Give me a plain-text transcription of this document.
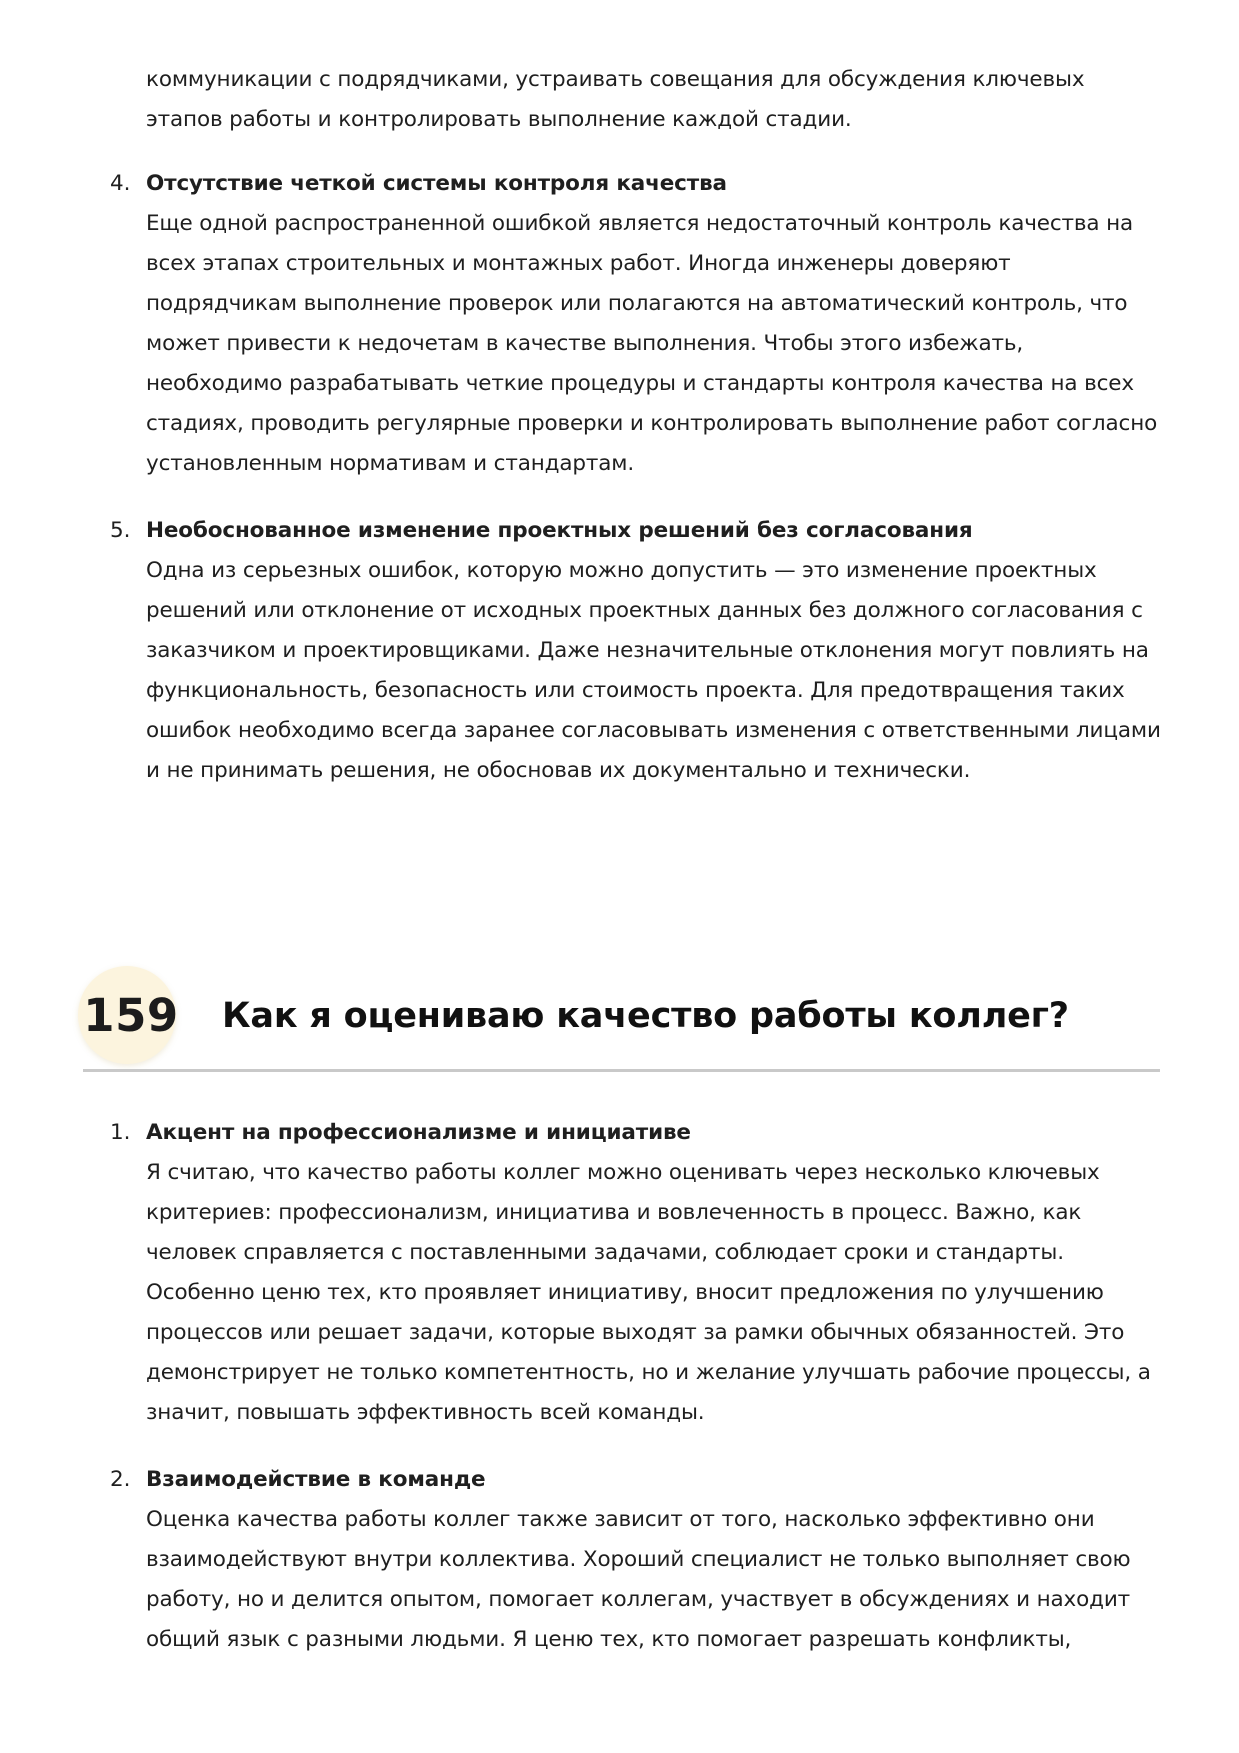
коммуникации с подрядчиками, устраивать совещания для обсуждения ключевых этапов работы и контролировать выполнение каждой стадии.

4. Отсутствие четкой системы контроля качества

Еще одной распространенной ошибкой является недостаточный контроль качества на всех этапах строительных и монтажных работ. Иногда инженеры доверяют подрядчикам выполнение проверок или полагаются на автоматический контроль, что может привести к недочетам в качестве выполнения. Чтобы этого избежать, необходимо разрабатывать четкие процедуры и стандарты контроля качества на всех стадиях, проводить регулярные проверки и контролировать выполнение работ согласно установленным нормативам и стандартам.

5. Необоснованное изменение проектных решений без согласования

Одна из серьезных ошибок, которую можно допустить — это изменение проектных решений или отклонение от исходных проектных данных без должного согласования с заказчиком и проектировщиками. Даже незначительные отклонения могут повлиять на функциональность, безопасность или стоимость проекта. Для предотвращения таких ошибок необходимо всегда заранее согласовывать изменения с ответственными лицами и не принимать решения, не обосновав их документально и технически.

159 Как я оцениваю качество работы коллег?
1. Акцент на профессионализме и инициативе

Я считаю, что качество работы коллег можно оценивать через несколько ключевых критериев: профессионализм, инициатива и вовлеченность в процесс. Важно, как человек справляется с поставленными задачами, соблюдает сроки и стандарты. Особенно ценю тех, кто проявляет инициативу, вносит предложения по улучшению процессов или решает задачи, которые выходят за рамки обычных обязанностей. Это демонстрирует не только компетентность, но и желание улучшать рабочие процессы, а значит, повышать эффективность всей команды.

2. Взаимодействие в команде

Оценка качества работы коллег также зависит от того, насколько эффективно они взаимодействуют внутри коллектива. Хороший специалист не только выполняет свою работу, но и делится опытом, помогает коллегам, участвует в обсуждениях и находит общий язык с разными людьми. Я ценю тех, кто помогает разрешать конфликты,
